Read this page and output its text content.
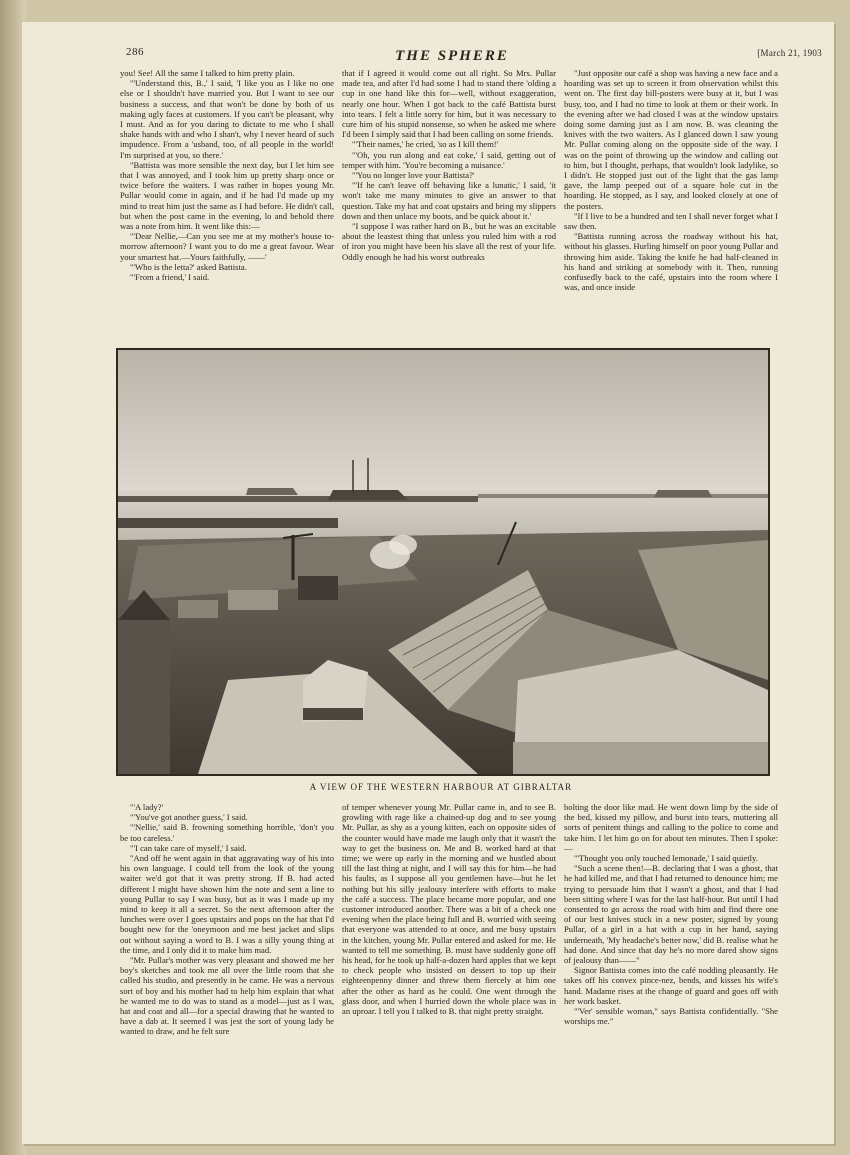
286	THE SPHERE	[March 21, 1903

you! See! All the same I talked to him pretty plain.

"'Understand this, B.,' I said, 'I like you as I like no one else or I shouldn't have married you. But I want to see our business a success, and that won't be done by both of us making ugly faces at customers. If you can't be pleasant, why I must. And as for you daring to dictate to me who I shall shake hands with and who I shan't, why I never heard of such impudence. From a 'usband, too, of all people in the world! I'm surprised at you, so there.'

"Battista was more sensible the next day, but I let him see that I was annoyed, and I took him up pretty sharp once or twice before the waiters. I was rather in hopes young Mr. Pullar would come in again, and if he had I'd made up my mind to treat him just the same as I had before. He didn't call, but when the post came in the evening, lo and behold there was a note from him. It went like this:—

"'Dear Nellie,—Can you see me at my mother's house to-morrow afternoon? I want you to do me a great favour. Wear your smartest hat.—Yours faithfully, ——'

"'Who is the letta?' asked Battista.

"'From a friend,' I said.

that if I agreed it would come out all right. So Mrs. Pullar made tea, and after I'd had some I had to stand there 'olding a cup in one hand like this for—well, without exaggeration, nearly one hour. When I got back to the café Battista burst into tears. I felt a little sorry for him, but it was necessary to cure him of his stupid nonsense, so when he asked me where I'd been I simply said that I had been calling on some friends.

"'Their names,' he cried, 'so as I kill them!'

"'Oh, you run along and eat coke,' I said, getting out of temper with him. 'You're becoming a nuisance.'

"'You no longer love your Battista?'

"'If he can't leave off behaving like a lunatic,' I said, 'it won't take me many minutes to give an answer to that question. Take my hat and coat upstairs and bring my slippers down and then unlace my boots, and be quick about it.'

"I suppose I was rather hard on B., but he was an excitable about the leastest thing that unless you ruled him with a rod of iron you might have been his slave all the rest of your life. Oddly enough he had his worst outbreaks

"Just opposite our café a shop was having a new face and a hoarding was set up to screen it from observation whilst this went on. The first day bill-posters were busy at it, but I was busy, too, and I had no time to look at them or their work. In the evening after we had closed I was at the window upstairs doing some darning just as I am now. B. was cleaning the knives with the two waiters. As I glanced down I saw young Mr. Pullar coming along on the opposite side of the way. I was on the point of throwing up the window and calling out to him, but I thought, perhaps, that wouldn't look ladylike, so I didn't. He stopped just out of the light that the gas lamp gave, the lamp peeped out of a square hole cut in the hoarding. He stopped, as I say, and looked closely at one of the posters.

"If I live to be a hundred and ten I shall never forget what I saw then.

"Battista running across the roadway without his hat, without his glasses. Hurling himself on poor young Pullar and throwing him aside. Taking the knife he had half-cleaned in his hand and striking at somebody with it. Then, running confusedly back to the café, upstairs into the room where I was, and once inside

A VIEW OF THE WESTERN HARBOUR AT GIBRALTAR

"'A lady?'

"'You've got another guess,' I said.

"'Nellie,' said B. frowning something horrible, 'don't you be too careless.'

"'I can take care of myself,' I said.

"And off he went again in that aggravating way of his into his own language. I could tell from the look of the young waiter we'd got that it was pretty strong. If B. had acted different I might have shown him the note and sent a line to young Pullar to say I was busy, but as it was I made up my mind to keep it all a secret. So the next afternoon after the lunches were over I goes upstairs and pops on the hat that I'd bought new for the 'oneymoon and me best jacket and slips out without saying a word to B. I was a silly young thing at the time, and I only did it to make him mad.

"Mr. Pullar's mother was very pleasant and showed me her boy's sketches and took me all over the little room that she called his studio, and presently in he came. He was a nervous sort of boy and his mother had to help him explain that what he wanted me to do was to stand as a model—just as I was, hat and coat and all—for a special drawing that he wanted to have a dab at. It seemed I was jest the sort of young lady he wanted to draw, and he felt sure

of temper whenever young Mr. Pullar came in, and to see B. growling with rage like a chained-up dog and to see young Mr. Pullar, as shy as a young kitten, each on opposite sides of the counter would have made me laugh only that it wasn't the way to get the business on. Me and B. worked hard at that time; we were up early in the morning and we hustled about till the last thing at night, and I will say this for him—he had his faults, as I suppose all you gentlemen have—but he let nothing but his silly jealousy interfere with efforts to make the café a success. The place became more popular, and one customer introduced another. There was a bit of a check one evening when the place being full and B. worried with seeing that everyone was attended to at once, and me busy upstairs in the kitchen, young Mr. Pullar entered and asked for me. He wanted to tell me something. B. must have suddenly gone off his head, for he took up half-a-dozen hard apples that we kept to check people who insisted on dessert to top up their eighteenpenny dinner and threw them fiercely at him one after the other as hard as he could. One went through the glass door, and when I hurried down the whole place was in an uproar. I tell you I talked to B. that night pretty straight.

bolting the door like mad. He went down limp by the side of the bed, kissed my pillow, and burst into tears, muttering all sorts of penitent things and calling to the police to come and take him. I let him go on for about ten minutes. Then I spoke:—

"'Thought you only touched lemonade,' I said quietly.

"Such a scene then!—B. declaring that I was a ghost, that he had killed me, and that I had returned to denounce him; me trying to persuade him that I wasn't a ghost, and that I had been sitting where I was for the last half-hour. But until I had consented to go across the road with him and find there one of our best knives stuck in a new poster, signed by young Pullar, of a girl in a hat with a cup in her hand, saying underneath, 'My headache's better now,' did B. realise what he had done. And since that day he's no more dared show signs of jealousy than——"

Signor Battista comes into the café nodding pleasantly. He takes off his convex pince-nez, bends, and kisses his wife's hand. Madame rises at the change of guard and goes off with her work basket.

"'Ver' sensible woman," says Battista confidentially. "She worships me."
